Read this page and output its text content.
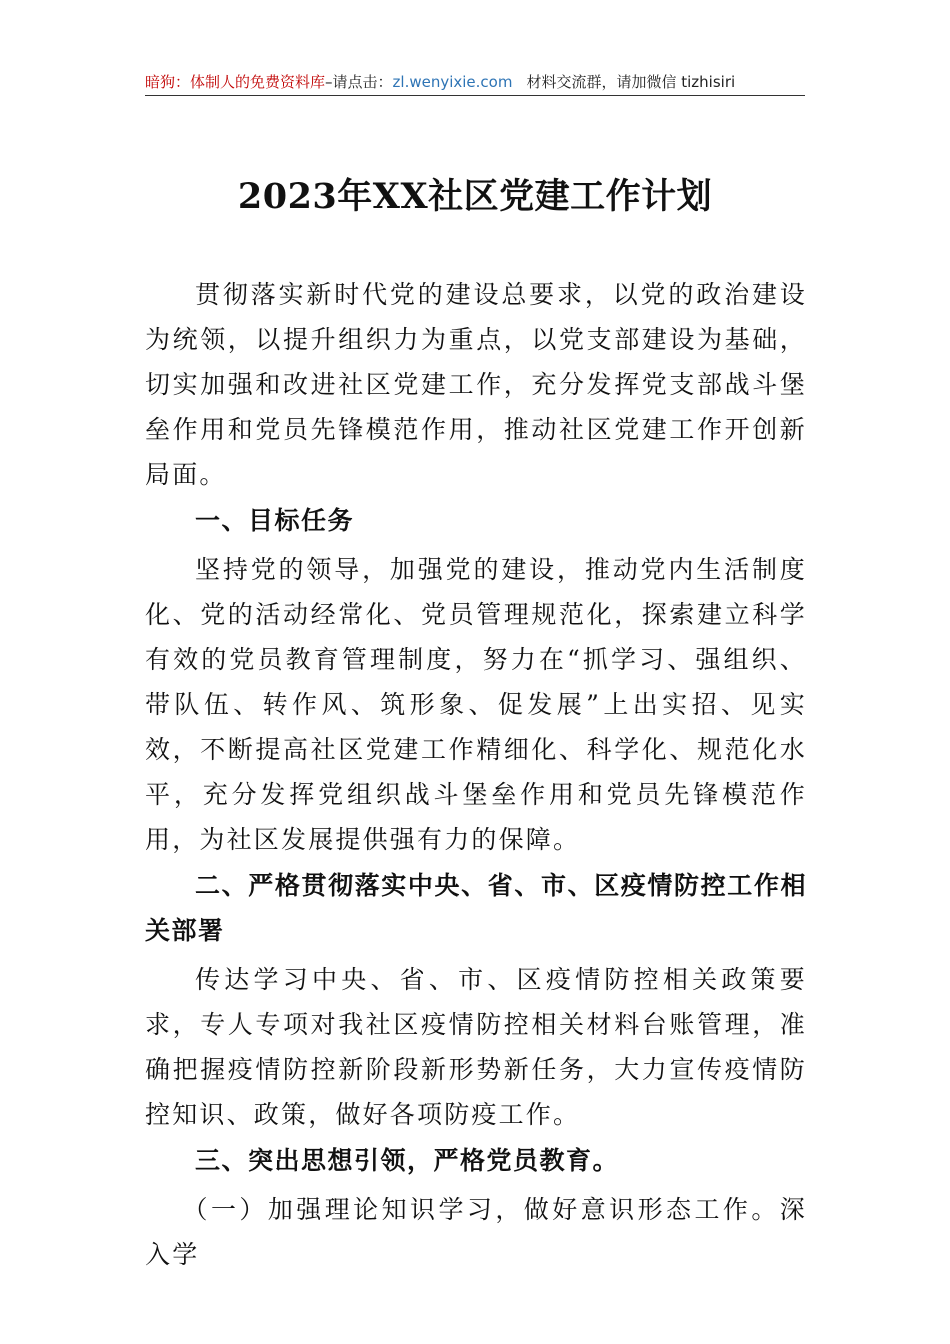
暗狗：体制人的免费资料库–请点击：zl.wenyixie.com 材料交流群，请加微信 tizhisiri
2023年XX社区党建工作计划

贯彻落实新时代党的建设总要求，以党的政治建设为统领，以提升组织力为重点，以党支部建设为基础，切实加强和改进社区党建工作，充分发挥党支部战斗堡垒作用和党员先锋模范作用，推动社区党建工作开创新局面。

一、目标任务

坚持党的领导，加强党的建设，推动党内生活制度化、党的活动经常化、党员管理规范化，探索建立科学有效的党员教育管理制度，努力在“抓学习、强组织、带队伍、转作风、筑形象、促发展”上出实招、见实效，不断提高社区党建工作精细化、科学化、规范化水平，充分发挥党组织战斗堡垒作用和党员先锋模范作用，为社区发展提供强有力的保障。

二、严格贯彻落实中央、省、市、区疫情防控工作相关部署

传达学习中央、省、市、区疫情防控相关政策要求，专人专项对我社区疫情防控相关材料台账管理，准确把握疫情防控新阶段新形势新任务，大力宣传疫情防控知识、政策，做好各项防疫工作。

三、突出思想引领，严格党员教育。

（一）加强理论知识学习，做好意识形态工作。深入学
